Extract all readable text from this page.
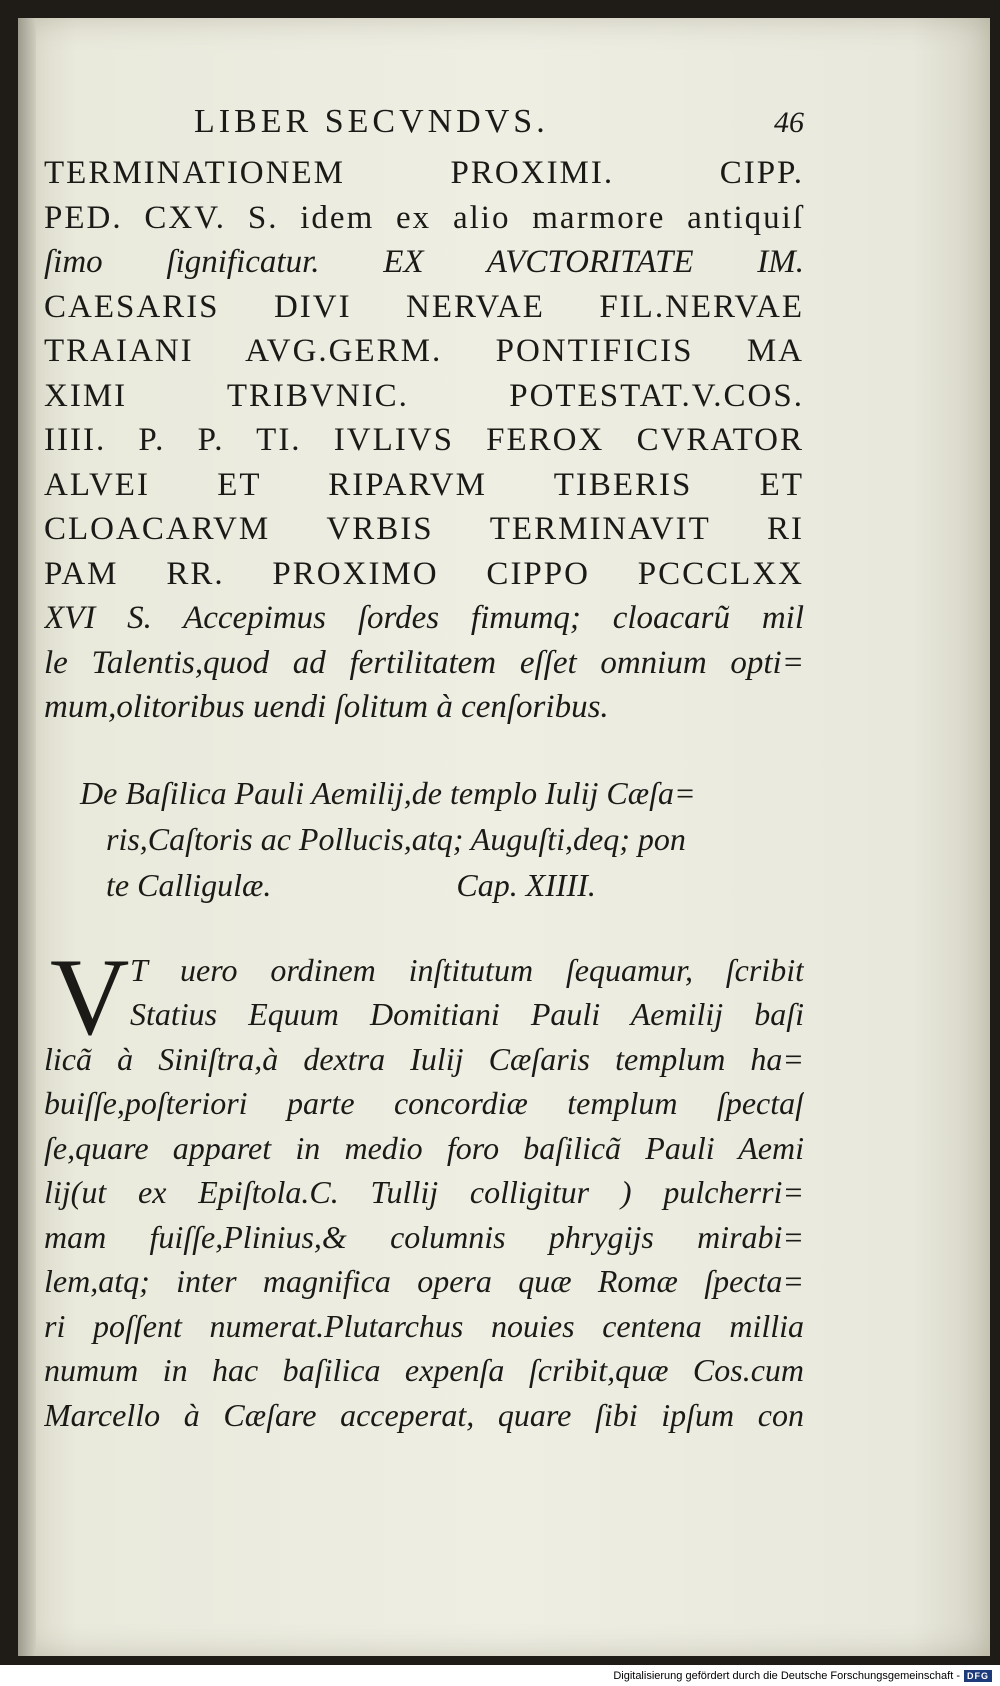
LIBER SECVNDVS.	46
TERMINATIONEM PROXIMI. CIPP.
PED. CXV. S. idem ex alio marmore antiquiſ
ſimo ſignificatur. EX AVCTORITATE IM.
CAESARIS DIVI NERVAE FIL.NERVAE
TRAIANI AVG.GERM. PONTIFICIS MA
XIMI TRIBVNIC. POTESTAT.V.COS.
IIII. P. P. TI. IVLIVS FEROX CVRATOR
ALVEI ET RIPARVM TIBERIS ET
CLOACARVM VRBIS TERMINAVIT RI
PAM RR. PROXIMO CIPPO PCCCLXX
XVI S. Accepimus ſordes fimumq; cloacarũ mil
le Talentis,quod ad fertilitatem eſſet omnium opti=
mum,olitoribus uendi ſolitum à cenſoribus.
De Baſilica Pauli Aemilij,de templo Iulij Cæſa=
ris,Caſtoris ac Pollucis,atq; Auguſti,deq; pon
te Calligulæ.	Cap. XIIII.
V T uero ordinem inſtitutum ſequamur, ſcribit
Statius Equum Domitiani Pauli Aemilij baſi
licã à Siniſtra,à dextra Iulij Cæſaris templum ha=
buiſſe,poſteriori parte concordiæ templum ſpectaſ
ſe,quare apparet in medio foro baſilicã Pauli Aemi
lij(ut ex Epiſtola.C. Tullij colligitur ) pulcherri=
mam fuiſſe,Plinius,& columnis phrygijs mirabi=
lem,atq; inter magnifica opera quæ Romæ ſpecta=
ri poſſent numerat.Plutarchus nouies centena millia
numum in hac baſilica expenſa ſcribit,quæ Cos.cum
Marcello à Cæſare acceperat, quare ſibi ipſum con
Digitalisierung gefördert durch die Deutsche Forschungsgemeinschaft - DFG
